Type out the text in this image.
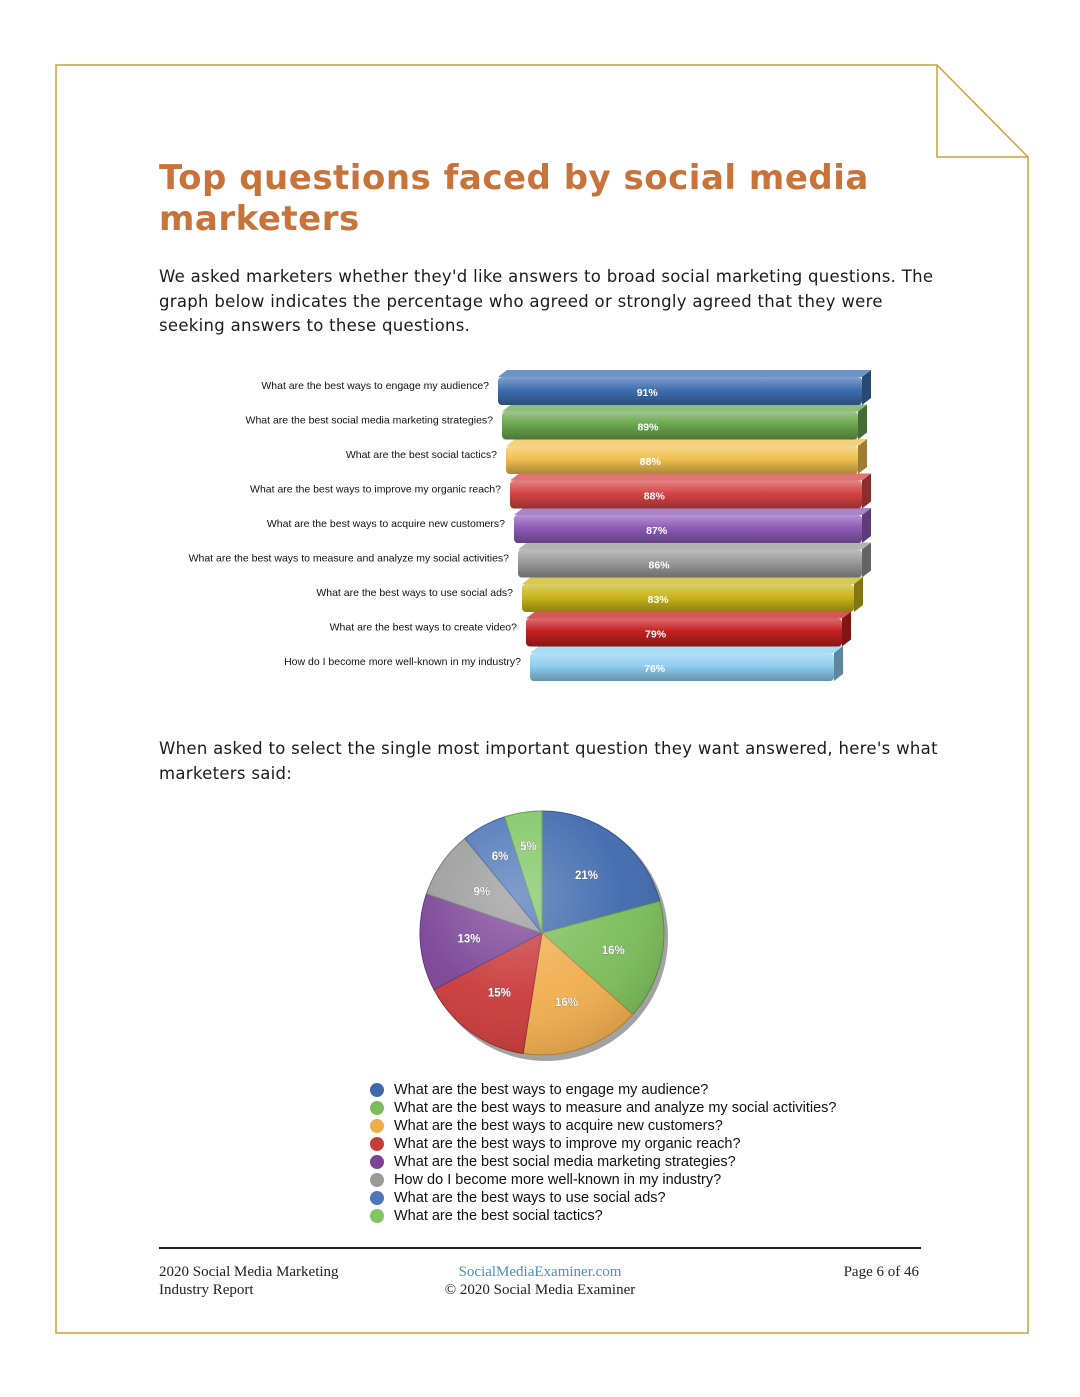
Top questions faced by social media marketers

We asked marketers whether they'd like answers to broad social marketing questions. The graph below indicates the percentage who agreed or strongly agreed that they were seeking answers to these questions.

What are the best ways to engage my audience?
91%
What are the best social media marketing strategies?
89%
What are the best social tactics?
88%
What are the best ways to improve my organic reach?
88%
What are the best ways to acquire new customers?
87%
What are the best ways to measure and analyze my social activities?
86%
What are the best ways to use social ads?
83%
What are the best ways to create video?
79%
How do I become more well-known in my industry?
76%

When asked to select the single most important question they want answered, here's what marketers said:

21%
16%
16%
15%
13%
9%
6%
5%
What are the best ways to engage my audience?
What are the best ways to measure and analyze my social activities?
What are the best ways to acquire new customers?
What are the best ways to improve my organic reach?
What are the best social media marketing strategies?
How do I become more well-known in my industry?
What are the best ways to use social ads?
What are the best social tactics?
2020 Social Media Marketing
Industry Report
SocialMediaExaminer.com
© 2020 Social Media Examiner
Page 6 of 46
